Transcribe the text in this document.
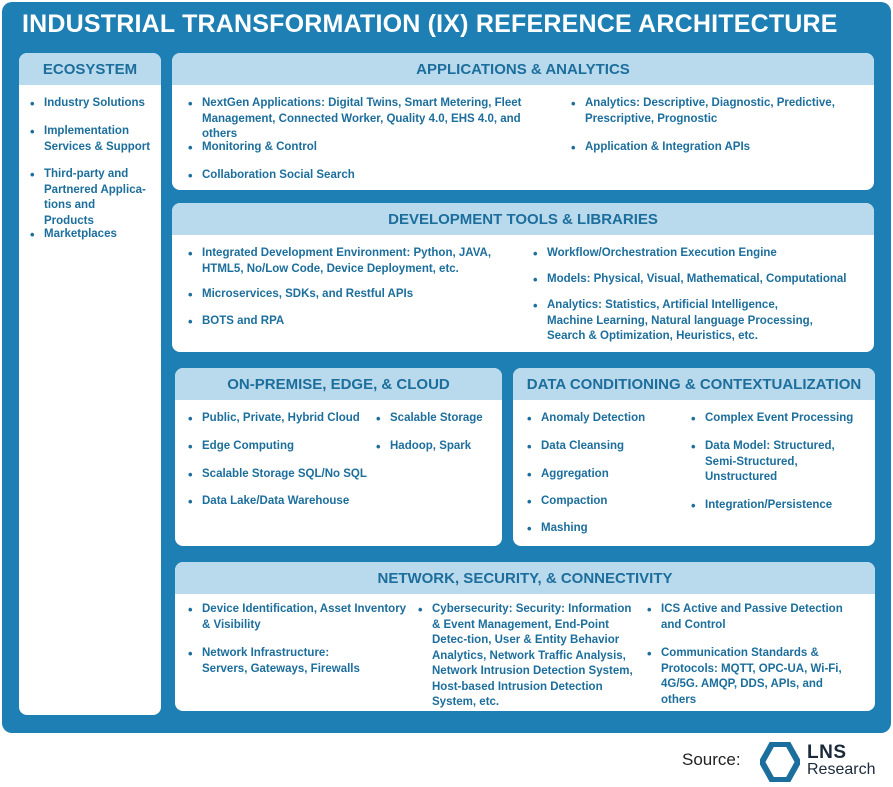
INDUSTRIAL TRANSFORMATION (IX) REFERENCE ARCHITECTURE
ECOSYSTEM
• Industry Solutions
• Implementation Services & Support
• Third-party and Partnered Applica-tions and Products
• Marketplaces
APPLICATIONS & ANALYTICS
• NextGen Applications: Digital Twins, Smart Metering, Fleet Management, Connected Worker, Quality 4.0, EHS 4.0, and others
• Monitoring & Control
• Collaboration Social Search
• Analytics: Descriptive, Diagnostic, Predictive, Prescriptive, Prognostic
• Application & Integration APIs
DEVELOPMENT TOOLS & LIBRARIES
• Integrated Development Environment: Python, JAVA, HTML5, No/Low Code, Device Deployment, etc.
• Microservices, SDKs, and Restful APIs
• BOTS and RPA
• Workflow/Orchestration Execution Engine
• Models: Physical, Visual, Mathematical, Computational
• Analytics: Statistics, Artificial Intelligence, Machine Learning, Natural language Processing, Search & Optimization, Heuristics, etc.
ON-PREMISE, EDGE, & CLOUD
• Public, Private, Hybrid Cloud
• Edge Computing
• Scalable Storage SQL/No SQL
• Data Lake/Data Warehouse
• Scalable Storage
• Hadoop, Spark
DATA CONDITIONING & CONTEXTUALIZATION
• Anomaly Detection
• Data Cleansing
• Aggregation
• Compaction
• Mashing
• Complex Event Processing
• Data Model: Structured, Semi-Structured, Unstructured
• Integration/Persistence
NETWORK, SECURITY, & CONNECTIVITY
• Device Identification, Asset Inventory & Visibility
• Network Infrastructure: Servers, Gateways, Firewalls
• Cybersecurity: Security: Information & Event Management, End-Point Detec-tion, User & Entity Behavior Analytics, Network Traffic Analysis, Network Intrusion Detection System, Host-based Intrusion Detection System, etc.
• ICS Active and Passive Detection and Control
• Communication Standards & Protocols: MQTT, OPC-UA, Wi-Fi, 4G/5G. AMQP, DDS, APIs, and others
Source:	LNS
Research
